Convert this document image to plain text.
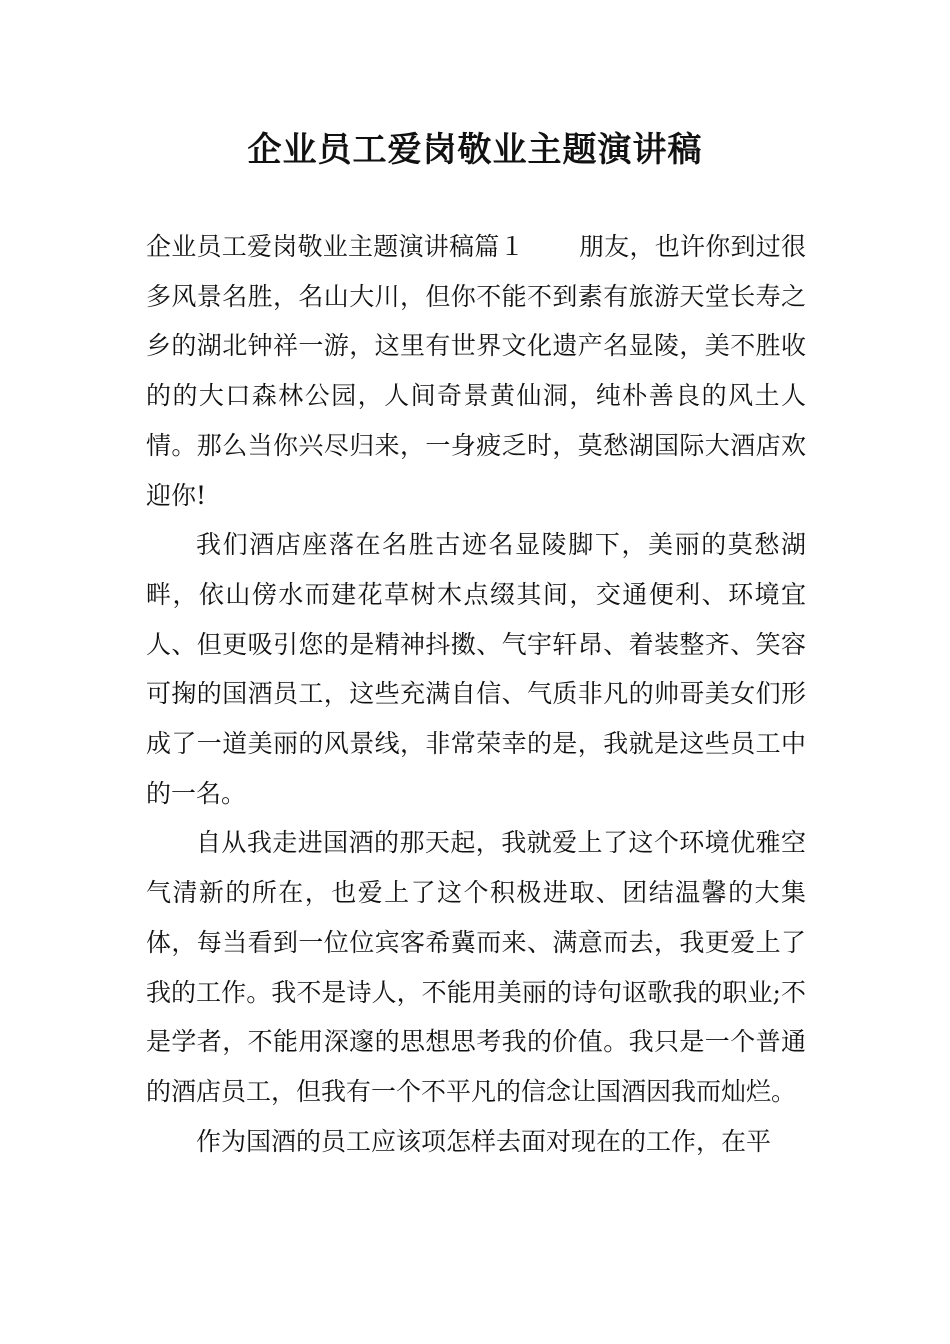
企业员工爱岗敬业主题演讲稿

企业员工爱岗敬业主题演讲稿篇１ 朋友，也许你到过很多风景名胜，名山大川，但你不能不到素有旅游天堂长寿之乡的湖北钟祥一游，这里有世界文化遗产名显陵，美不胜收的的大口森林公园，人间奇景黄仙洞，纯朴善良的风土人情。那么当你兴尽归来，一身疲乏时，莫愁湖国际大酒店欢迎你!

我们酒店座落在名胜古迹名显陵脚下，美丽的莫愁湖畔，依山傍水而建花草树木点缀其间，交通便利、环境宜人、但更吸引您的是精神抖擞、气宇轩昂、着装整齐、笑容可掬的国酒员工，这些充满自信、气质非凡的帅哥美女们形成了一道美丽的风景线，非常荣幸的是，我就是这些员工中的一名。

自从我走进国酒的那天起，我就爱上了这个环境优雅空气清新的所在，也爱上了这个积极进取、团结温馨的大集体，每当看到一位位宾客希冀而来、满意而去，我更爱上了我的工作。我不是诗人，不能用美丽的诗句讴歌我的职业;不是学者，不能用深邃的思想思考我的价值。我只是一个普通的酒店员工，但我有一个不平凡的信念让国酒因我而灿烂。

作为国酒的员工应该项怎样去面对现在的工作，在平
